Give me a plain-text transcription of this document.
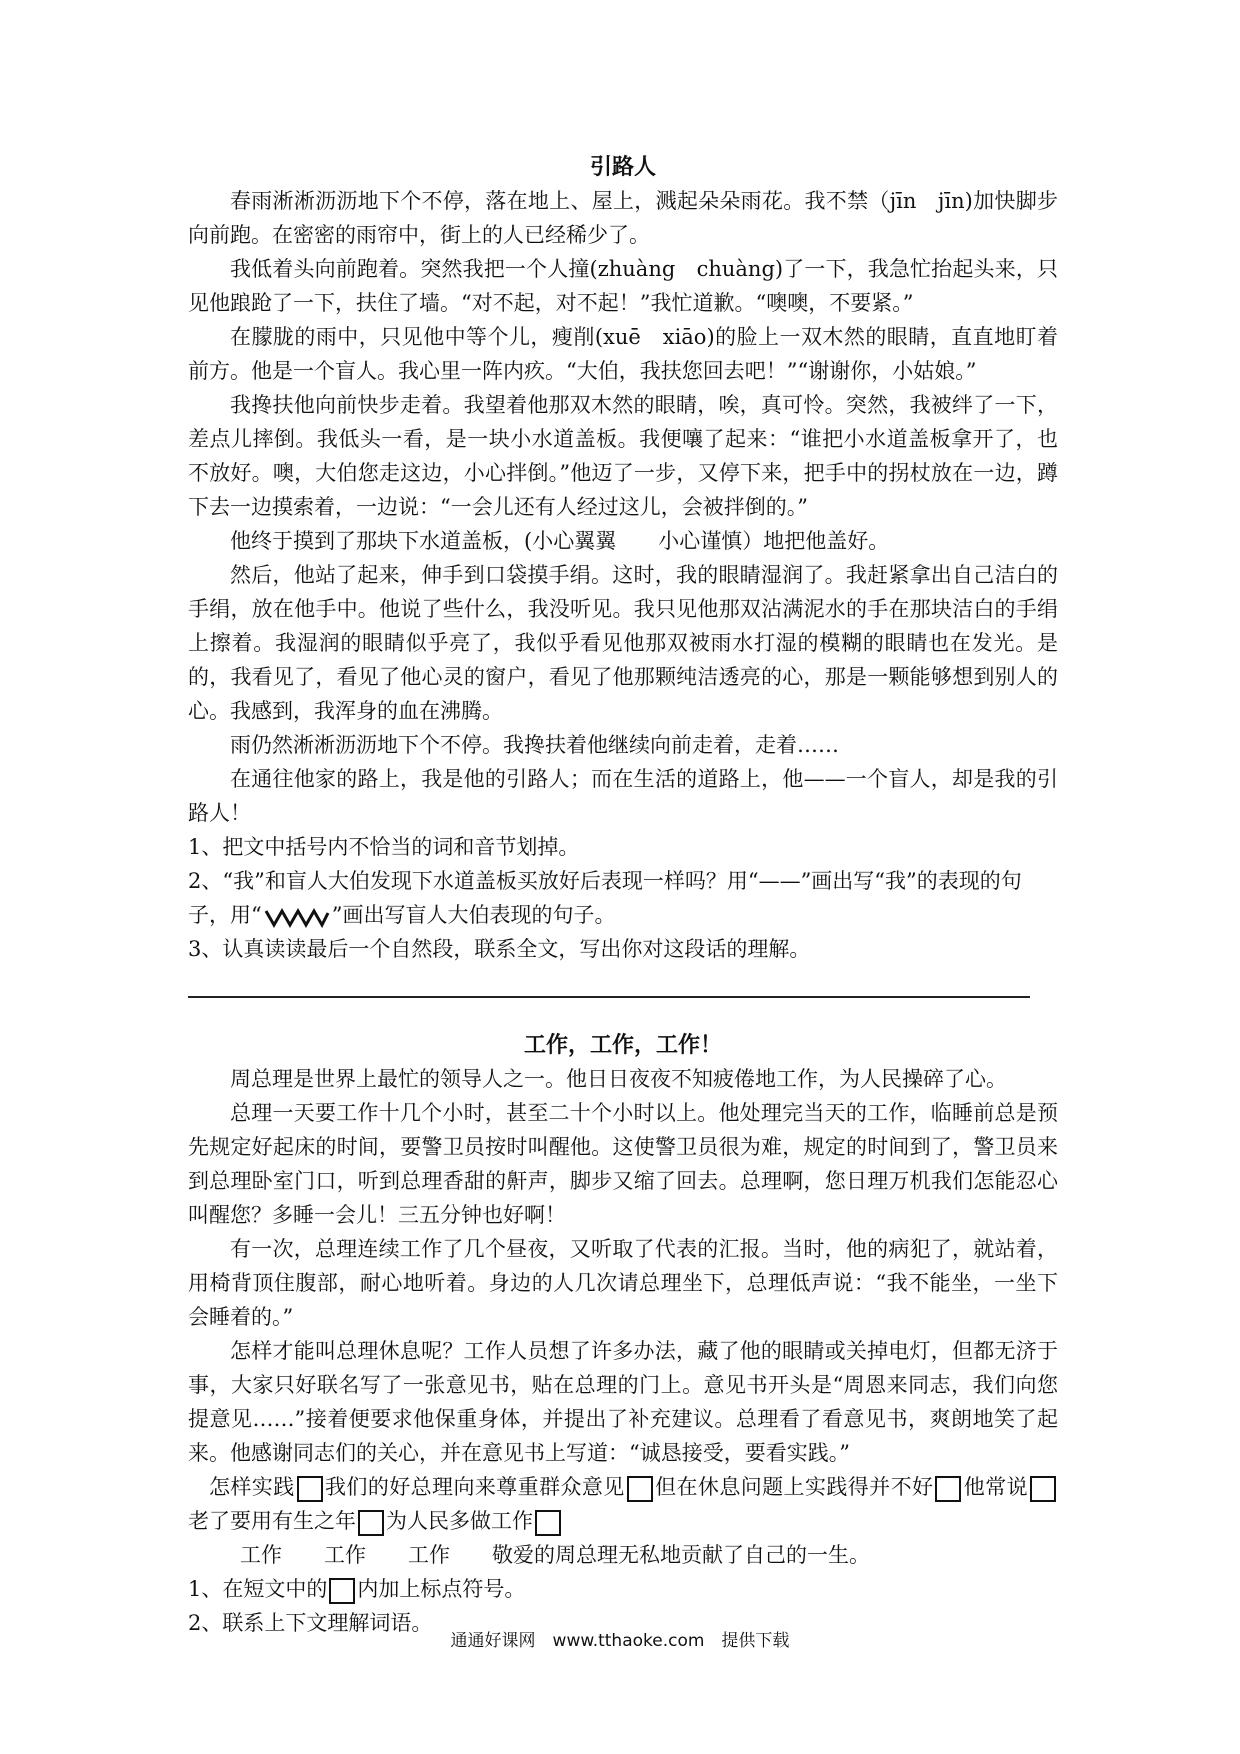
引路人

春雨淅淅沥沥地下个不停，落在地上、屋上，溅起朵朵雨花。我不禁（jīn　jīn)加快脚步向前跑。在密密的雨帘中，街上的人已经稀少了。

我低着头向前跑着。突然我把一个人撞(zhuàng　chuàng)了一下，我急忙抬起头来，只见他踉跄了一下，扶住了墙。“对不起，对不起！”我忙道歉。“噢噢，不要紧。”

在朦胧的雨中，只见他中等个儿，瘦削(xuē　xiāo)的脸上一双木然的眼睛，直直地盯着前方。他是一个盲人。我心里一阵内疚。“大伯，我扶您回去吧！”“谢谢你，小姑娘。”

我搀扶他向前快步走着。我望着他那双木然的眼睛，唉，真可怜。突然，我被绊了一下，差点儿摔倒。我低头一看，是一块小水道盖板。我便嚷了起来：“谁把小水道盖板拿开了，也不放好。噢，大伯您走这边，小心拌倒。”他迈了一步，又停下来，把手中的拐杖放在一边，蹲下去一边摸索着，一边说：“一会儿还有人经过这儿，会被拌倒的。”

他终于摸到了那块下水道盖板，(小心翼翼　　小心谨慎）地把他盖好。

然后，他站了起来，伸手到口袋摸手绢。这时，我的眼睛湿润了。我赶紧拿出自己洁白的手绢，放在他手中。他说了些什么，我没听见。我只见他那双沾满泥水的手在那块洁白的手绢上擦着。我湿润的眼睛似乎亮了，我似乎看见他那双被雨水打湿的模糊的眼睛也在发光。是的，我看见了，看见了他心灵的窗户，看见了他那颗纯洁透亮的心，那是一颗能够想到别人的心。我感到，我浑身的血在沸腾。

雨仍然淅淅沥沥地下个不停。我搀扶着他继续向前走着，走着……

在通往他家的路上，我是他的引路人；而在生活的道路上，他——一个盲人，却是我的引路人！

1、把文中括号内不恰当的词和音节划掉。

2、“我”和盲人大伯发现下水道盖板买放好后表现一样吗？用“——”画出写“我”的表现的句子，用“	”画出写盲人大伯表现的句子。

3、认真读读最后一个自然段，联系全文，写出你对这段话的理解。

工作，工作，工作！

周总理是世界上最忙的领导人之一。他日日夜夜不知疲倦地工作，为人民操碎了心。

总理一天要工作十几个小时，甚至二十个小时以上。他处理完当天的工作，临睡前总是预先规定好起床的时间，要警卫员按时叫醒他。这使警卫员很为难，规定的时间到了，警卫员来到总理卧室门口，听到总理香甜的鼾声，脚步又缩了回去。总理啊，您日理万机我们怎能忍心叫醒您？多睡一会儿！三五分钟也好啊！

有一次，总理连续工作了几个昼夜，又听取了代表的汇报。当时，他的病犯了，就站着，用椅背顶住腹部，耐心地听着。身边的人几次请总理坐下，总理低声说：“我不能坐，一坐下会睡着的。”

怎样才能叫总理休息呢？工作人员想了许多办法，藏了他的眼睛或关掉电灯，但都无济于事，大家只好联名写了一张意见书，贴在总理的门上。意见书开头是“周恩来同志，我们向您 提意见……”接着便要求他保重身体，并提出了补充建议。总理看了看意见书，爽朗地笑了起来。他感谢同志们的关心，并在意见书上写道：“诚恳接受，要看实践。”

怎样实践 我们的好总理向来尊重群众意见 但在休息问题上实践得并不好 他常说老了要用有生之年 为人民多做工作

工作　　工作　　工作　　敬爱的周总理无私地贡献了自己的一生。

1、在短文中的 内加上标点符号。

2、联系上下文理解词语。

通通好课网　www.tthaoke.com　提供下载
